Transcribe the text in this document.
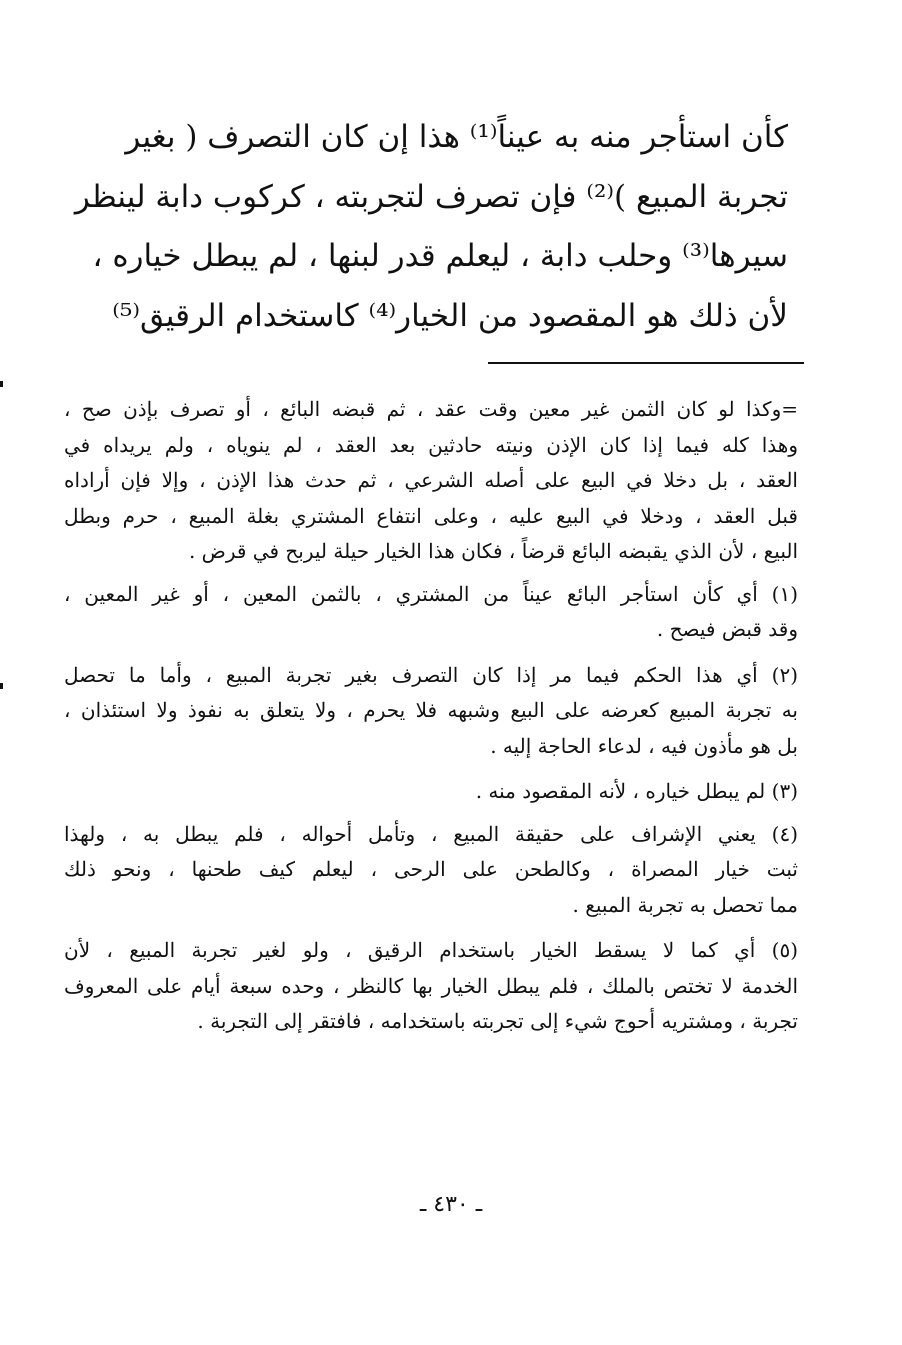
كأن استأجر منه به عيناً⁽¹⁾ هذا إن كان التصرف ( بغير
تجربة المبيع )⁽²⁾ فإن تصرف لتجربته ، كركوب دابة لينظر
سيرها⁽³⁾ وحلب دابة ، ليعلم قدر لبنها ، لم يبطل خياره ،
لأن ذلك هو المقصود من الخيار⁽⁴⁾ كاستخدام الرقيق⁽⁵⁾
=وكذا لو كان الثمن غير معين وقت عقد ، ثم قبضه البائع ، أو تصرف بإذن صح ،
وهذا كله فيما إذا كان الإذن ونيته حادثين بعد العقد ، لم ينوياه ، ولم يريداه في
العقد ، بل دخلا في البيع على أصله الشرعي ، ثم حدث هذا الإذن ، وإلا فإن أراداه
قبل العقد ، ودخلا في البيع عليه ، وعلى انتفاع المشتري بغلة المبيع ، حرم وبطل
البيع ، لأن الذي يقبضه البائع قرضاً ، فكان هذا الخيار حيلة ليربح في قرض .
(١) أي كأن استأجر البائع عيناً من المشتري ، بالثمن المعين ، أو غير المعين ،
وقد قبض فيصح .
(٢) أي هذا الحكم فيما مر إذا كان التصرف بغير تجربة المبيع ، وأما ما تحصل
به تجربة المبيع كعرضه على البيع وشبهه فلا يحرم ، ولا يتعلق به نفوذ ولا استئذان ،
بل هو مأذون فيه ، لدعاء الحاجة إليه .
(٣) لم يبطل خياره ، لأنه المقصود منه .
(٤) يعني الإشراف على حقيقة المبيع ، وتأمل أحواله ، فلم يبطل به ، ولهذا
ثبت خيار المصراة ، وكالطحن على الرحى ، ليعلم كيف طحنها ، ونحو ذلك
مما تحصل به تجربة المبيع .
(٥) أي كما لا يسقط الخيار باستخدام الرقيق ، ولو لغير تجربة المبيع ، لأن
الخدمة لا تختص بالملك ، فلم يبطل الخيار بها كالنظر ، وحده سبعة أيام على المعروف
تجربة ، ومشتريه أحوج شيء إلى تجربته باستخدامه ، فافتقر إلى التجربة .
ـ ٤٣٠ ـ
